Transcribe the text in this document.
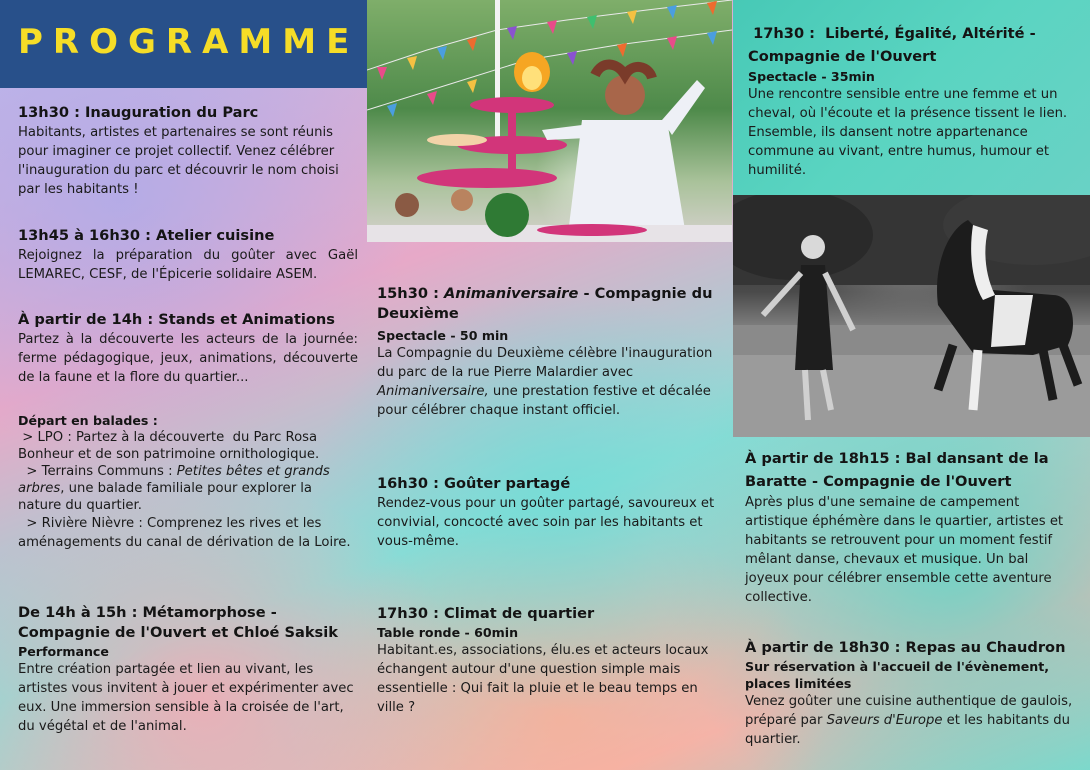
PROGRAMME
13h30 : Inauguration du Parc
Habitants, artistes et partenaires se sont réunis pour imaginer ce projet collectif. Venez célébrer l'inauguration du parc et découvrir le nom choisi par les habitants !
13h45 à 16h30 : Atelier cuisine
Rejoignez la préparation du goûter avec Gaël LEMAREC, CESF, de l'Épicerie solidaire ASEM.
À partir de 14h : Stands et Animations
Partez à la découverte les acteurs de la journée: ferme pédagogique, jeux, animations, découverte de la faune et la flore du quartier...
Départ en balades :
> LPO : Partez à la découverte  du Parc Rosa Bonheur et de son patrimoine ornithologique.
> Terrains Communs : Petites bêtes et grands arbres, une balade familiale pour explorer la nature du quartier.
> Rivière Nièvre : Comprenez les rives et les aménagements du canal de dérivation de la Loire.
De 14h à 15h : Métamorphose - Compagnie de l'Ouvert et Chloé Saksik
Performance
Entre création partagée et lien au vivant, les artistes vous invitent à jouer et expérimenter avec eux. Une immersion sensible à la croisée de l'art, du végétal et de l'animal.
15h30 : Animaniversaire - Compagnie du Deuxième
Spectacle - 50 min
La Compagnie du Deuxième célèbre l'inauguration du parc de la rue Pierre Malardier avec Animaniversaire, une prestation festive et décalée pour célébrer chaque instant officiel.
16h30 : Goûter partagé
Rendez-vous pour un goûter partagé, savoureux et convivial, concocté avec soin par les habitants et vous-même.
17h30 : Climat de quartier
Table ronde - 60min
Habitant.es, associations, élu.es et acteurs locaux échangent autour d'une question simple mais essentielle : Qui fait la pluie et le beau temps en ville ?
17h30 :  Liberté, Égalité, Altérité - Compagnie de l'Ouvert
Spectacle - 35min
Une rencontre sensible entre une femme et un cheval, où l'écoute et la présence tissent le lien. Ensemble, ils dansent notre appartenance commune au vivant, entre humus, humour et humilité.
À partir de 18h15 : Bal dansant de la Baratte - Compagnie de l'Ouvert
Après plus d'une semaine de campement artistique éphémère dans le quartier, artistes et habitants se retrouvent pour un moment festif mêlant danse, chevaux et musique. Un bal joyeux pour célébrer ensemble cette aventure collective.
À partir de 18h30 : Repas au Chaudron
Sur réservation à l'accueil de l'évènement, places limitées
Venez goûter une cuisine authentique de gaulois, préparé par Saveurs d'Europe et les habitants du quartier.
